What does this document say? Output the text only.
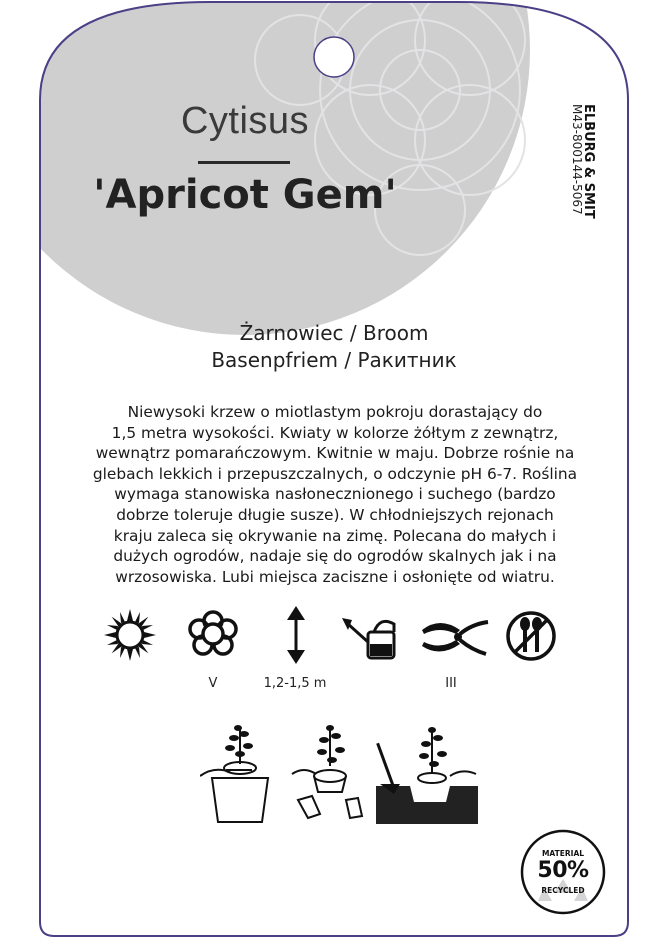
Cytisus
'Apricot Gem'	ELBURG & SMIT
M43-800144-5067
Żarnowiec / Broom
Basenpfriem / Ракитник
Niewysoki krzew o miotlastym pokroju dorastający do
1,5 metra wysokości. Kwiaty w kolorze żółtym z zewnątrz,
wewnątrz pomarańczowym. Kwitnie w maju. Dobrze rośnie na
glebach lekkich i przepuszczalnych, o odczynie pH 6-7. Roślina
wymaga stanowiska nasłonecznionego i suchego (bardzo
dobrze toleruje długie susze). W chłodniejszych rejonach
kraju zaleca się okrywanie na zimę. Polecana do małych i
dużych ogrodów, nadaje się do ogrodów skalnych jak i na
wrzosowiska. Lubi miejsca zaciszne i osłonięte od wiatru.
V	1,2-1,5 m	III
MATERIAL
50%
RECYCLED
